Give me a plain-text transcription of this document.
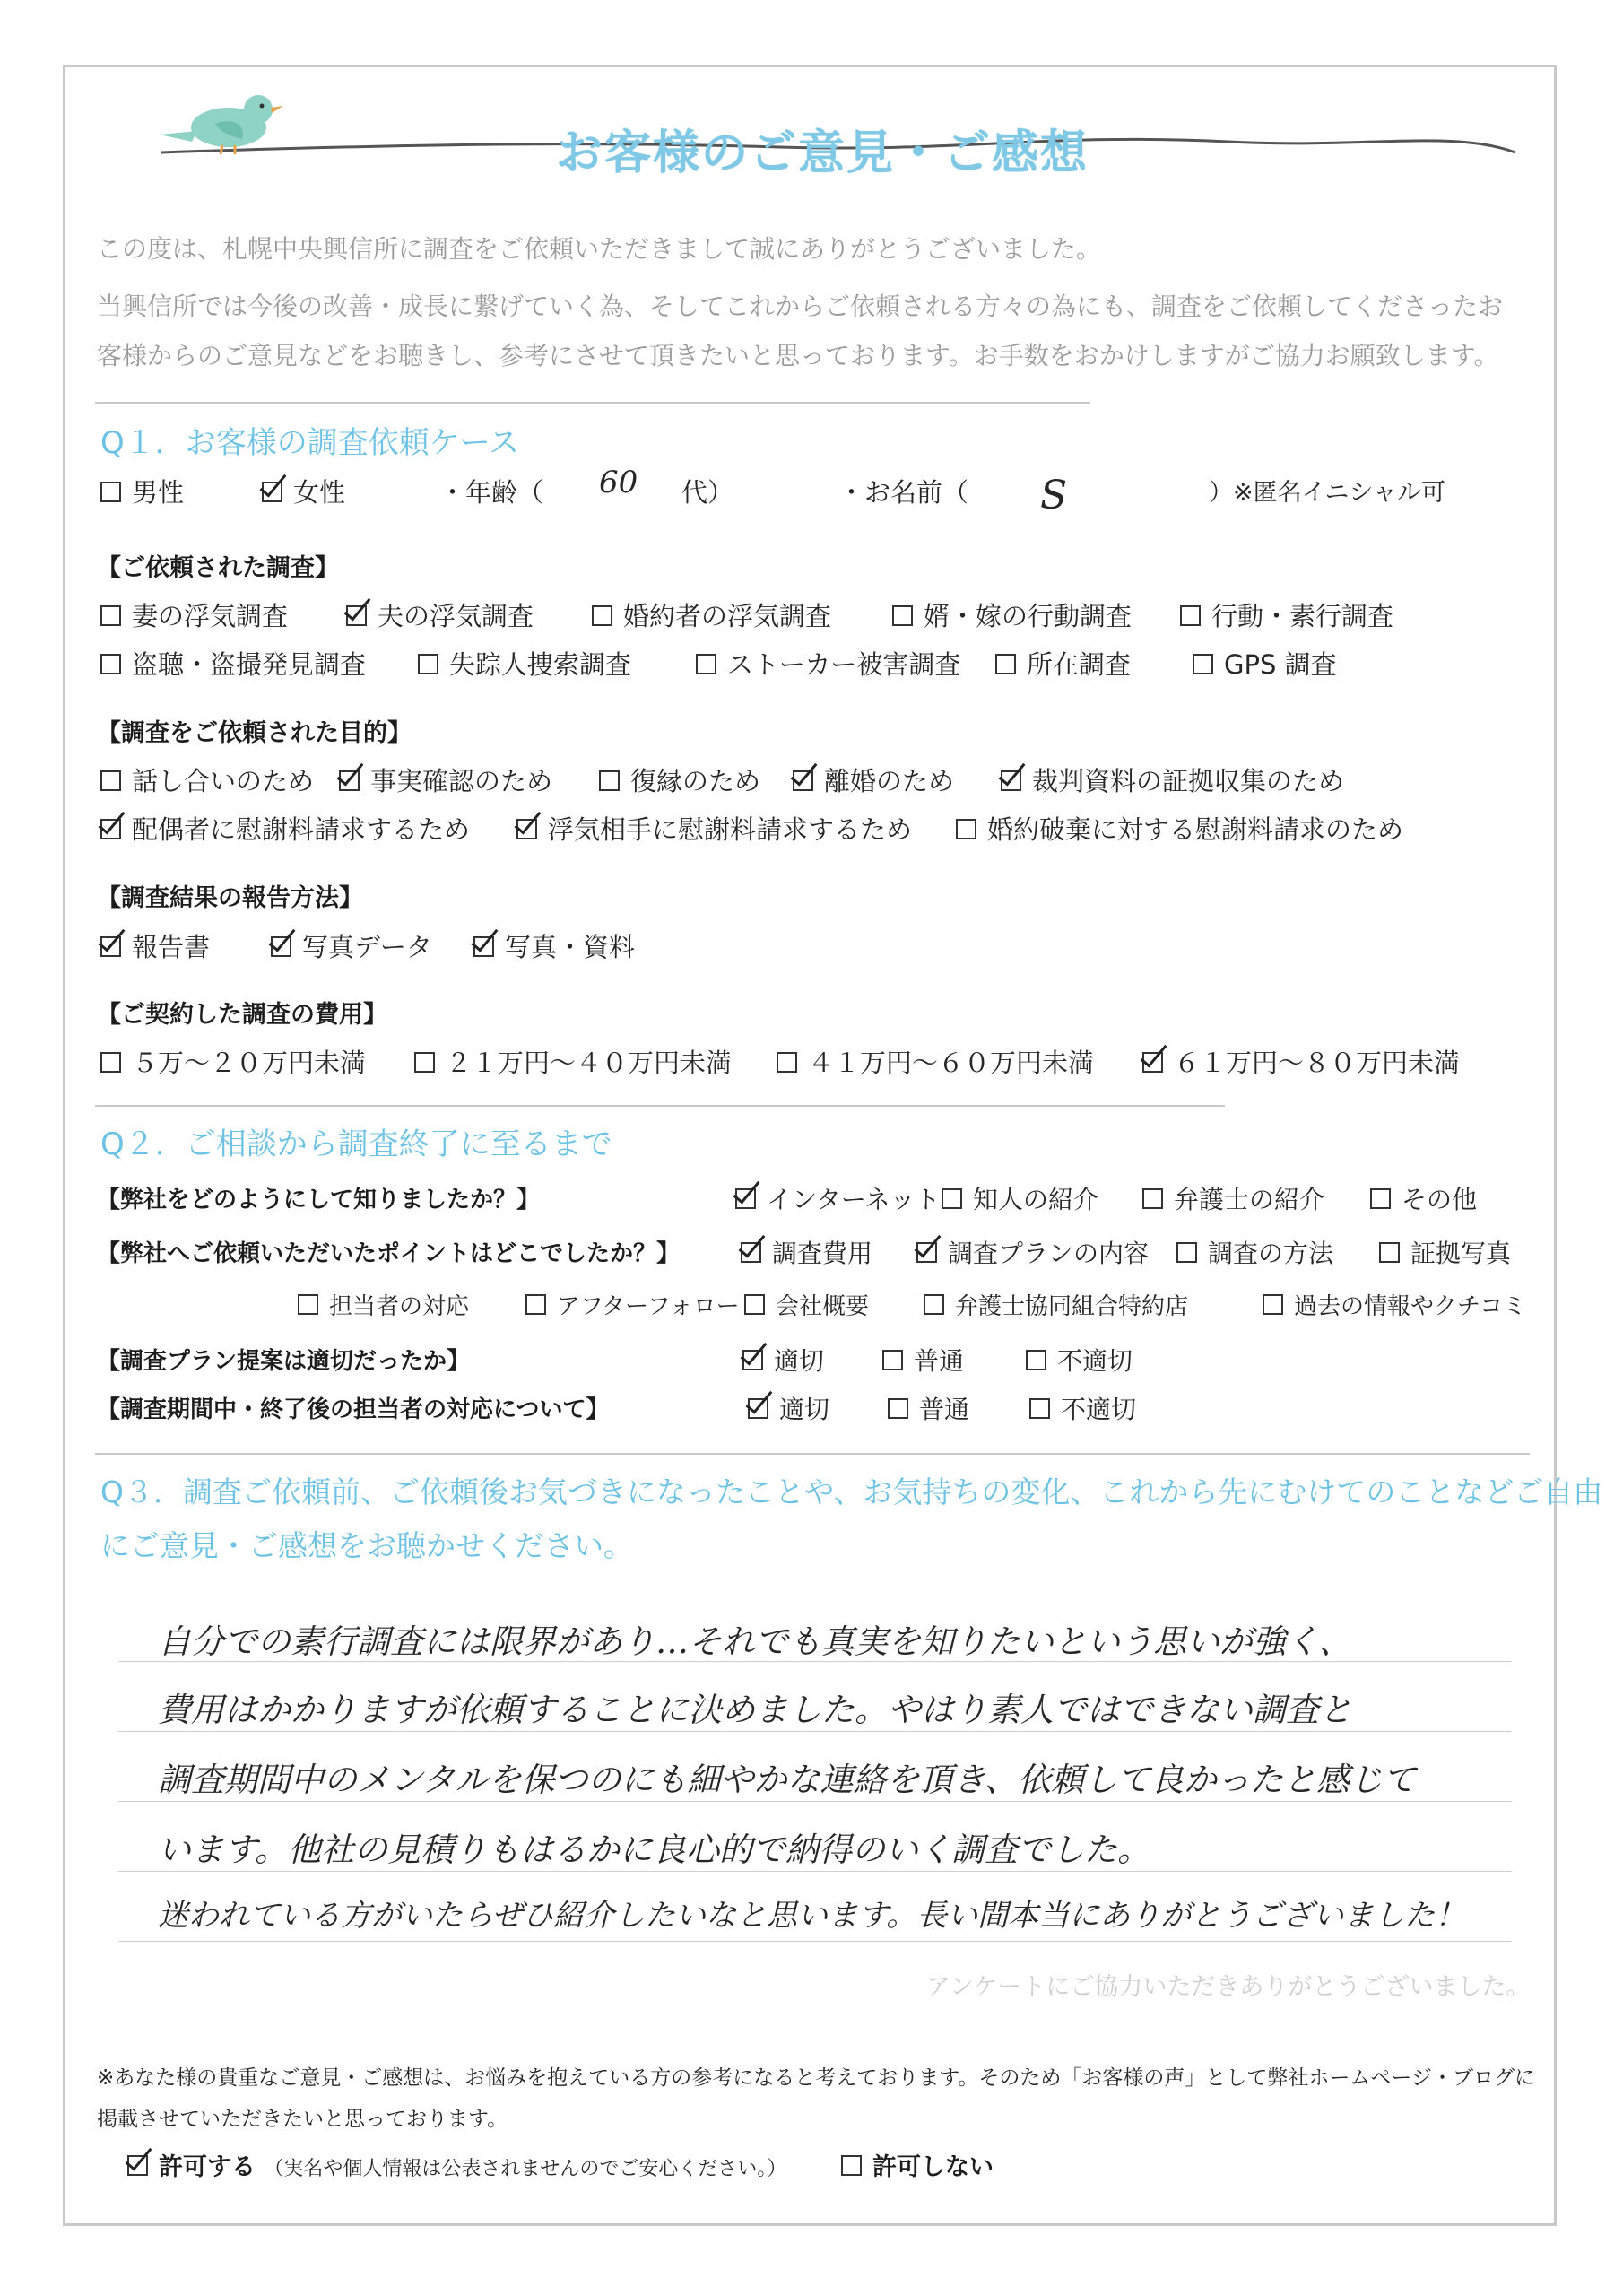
お客様のご意見・ご感想
この度は、札幌中央興信所に調査をご依頼いただきまして誠にありがとうございました。
当興信所では今後の改善・成長に繋げていく為、そしてこれからご依頼される方々の為にも、調査をご依頼してくださったお
客様からのご意見などをお聴きし、参考にさせて頂きたいと思っております。お手数をおかけしますがご協力お願致します。
Q１．お客様の調査依頼ケース
男性	女性	・年齢（ 60 代）	・お名前（ S	）※匿名イニシャル可
【ご依頼された調査】
妻の浮気調査	夫の浮気調査	婚約者の浮気調査	婿・嫁の行動調査	行動・素行調査
盗聴・盗撮発見調査	失踪人捜索調査	ストーカー被害調査	所在調査	GPS 調査
【調査をご依頼された目的】
話し合いのため	事実確認のため	復縁のため	離婚のため	裁判資料の証拠収集のため
配偶者に慰謝料請求するため	浮気相手に慰謝料請求するため	婚約破棄に対する慰謝料請求のため
【調査結果の報告方法】
報告書	写真データ	写真・資料
【ご契約した調査の費用】
５万～２０万円未満	２１万円～４０万円未満	４１万円～６０万円未満	６１万円～８０万円未満
Q２．ご相談から調査終了に至るまで
【弊社をどのようにして知りましたか？】	インターネット	知人の紹介	弁護士の紹介	その他
【弊社へご依頼いただいたポイントはどこでしたか？】	調査費用	調査プランの内容	調査の方法	証拠写真
担当者の対応	アフターフォロー	会社概要	弁護士協同組合特約店	過去の情報やクチコミ
【調査プラン提案は適切だったか】	適切	普通	不適切
【調査期間中・終了後の担当者の対応について】	適切	普通	不適切
Q３．調査ご依頼前、ご依頼後お気づきになったことや、お気持ちの変化、これから先にむけてのことなどご自由
にご意見・ご感想をお聴かせください。
自分での素行調査には限界があり…それでも真実を知りたいという思いが強く、
費用はかかりますが依頼することに決めました。やはり素人ではできない調査と
調査期間中のメンタルを保つのにも細やかな連絡を頂き、依頼して良かったと感じて
います。他社の見積りもはるかに良心的で納得のいく調査でした。
迷われている方がいたらぜひ紹介したいなと思います。長い間本当にありがとうございました！
アンケートにご協力いただきありがとうございました。
※あなた様の貴重なご意見・ご感想は、お悩みを抱えている方の参考になると考えております。そのため「お客様の声」として弊社ホームページ・ブログに
掲載させていただきたいと思っております。
許可する （実名や個人情報は公表されませんのでご安心ください。）	許可しない
